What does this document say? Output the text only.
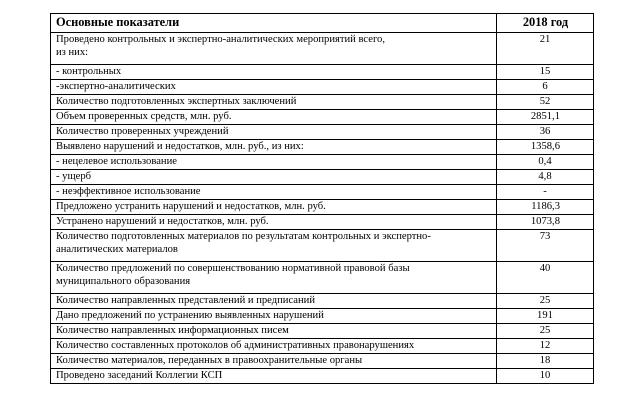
Основные показатели	2018 год

Проведено контрольных и экспертно-аналитических мероприятий всего,
из них:	21

- контрольных	15

-экспертно-аналитических	6

Количество подготовленных экспертных заключений	52

Объем проверенных средств, млн. руб.	2851,1

Количество проверенных учреждений	36

Выявлено нарушений и недостатков, млн. руб., из них:	1358,6

- нецелевое использование	0,4

- ущерб	4,8

- неэффективное использование	-

Предложено устранить нарушений и недостатков, млн. руб.	1186,3

Устранено нарушений и недостатков, млн. руб.	1073,8

Количество подготовленных материалов по результатам контрольных и экспертно-
аналитических материалов	73

Количество предложений по совершенствованию нормативной правовой базы
муниципального образования	40

Количество направленных представлений и предписаний	25

Дано предложений по устранению выявленных нарушений	191

Количество направленных информационных писем	25

Количество составленных протоколов об административных правонарушениях	12

Количество материалов, переданных в правоохранительные органы	18

Проведено заседаний Коллегии КСП	10
